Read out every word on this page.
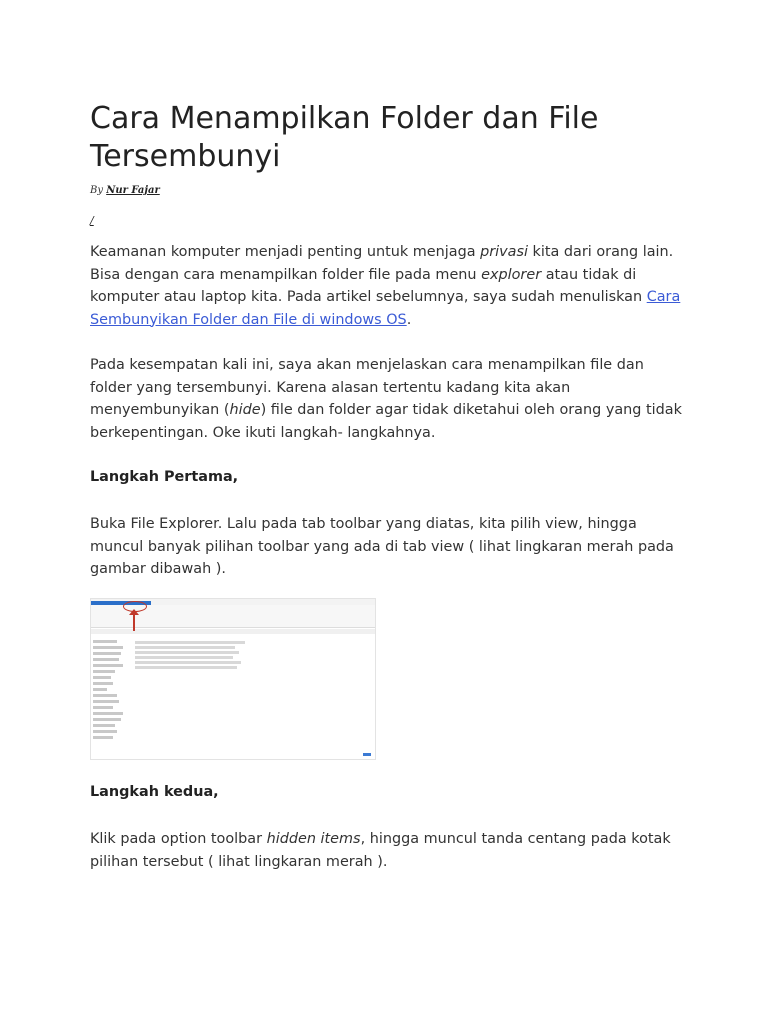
Cara Menampilkan Folder dan File Tersembunyi
By Nur Fajar
/

Keamanan komputer menjadi penting untuk menjaga privasi kita dari orang lain. Bisa dengan cara menampilkan folder file pada menu explorer atau tidak di komputer atau laptop kita. Pada artikel sebelumnya, saya sudah menuliskan Cara Sembunyikan Folder dan File di windows OS.

Pada kesempatan kali ini, saya akan menjelaskan cara menampilkan file dan folder yang tersembunyi. Karena alasan tertentu kadang kita akan menyembunyikan (hide) file dan folder agar tidak diketahui oleh orang yang tidak berkepentingan. Oke ikuti langkah- langkahnya.

Langkah Pertama,

Buka File Explorer. Lalu pada tab toolbar yang diatas, kita pilih view, hingga muncul banyak pilihan toolbar yang ada di tab view ( lihat lingkaran merah pada gambar dibawah ).

Langkah kedua,

Klik pada option toolbar hidden items, hingga muncul tanda centang pada kotak pilihan tersebut ( lihat lingkaran merah ).
